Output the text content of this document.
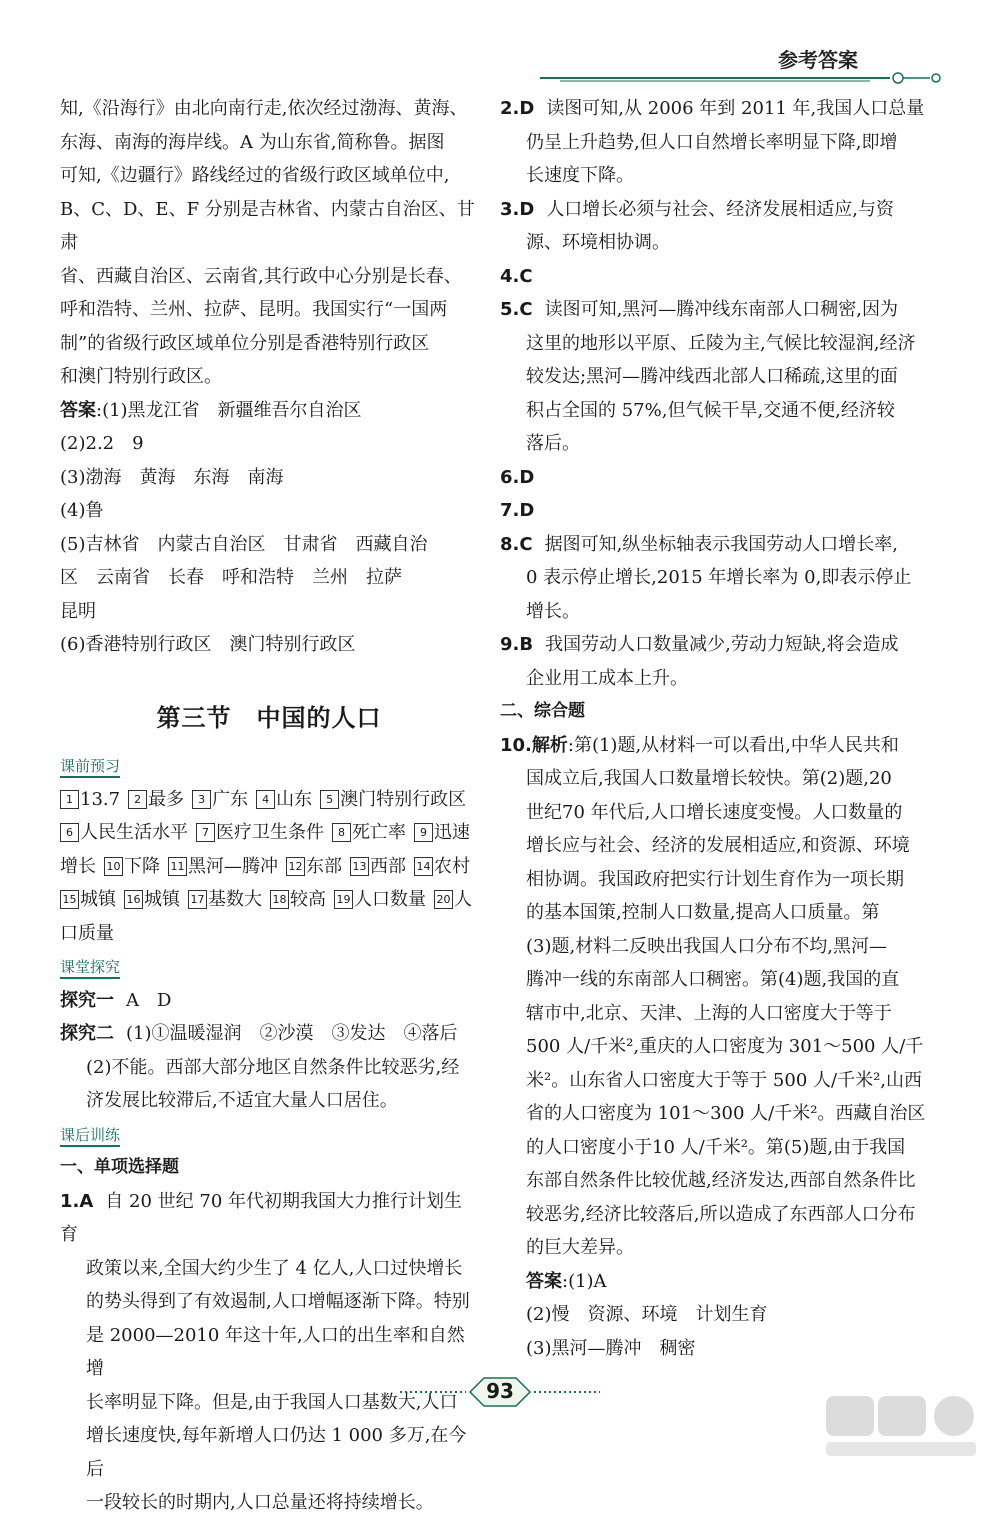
参考答案

知,《沿海行》由北向南行走,依次经过渤海、黄海、

东海、南海的海岸线。A 为山东省,简称鲁。据图

可知,《边疆行》路线经过的省级行政区域单位中,

B、C、D、E、F 分别是吉林省、内蒙古自治区、甘肃

省、西藏自治区、云南省,其行政中心分别是长春、

呼和浩特、兰州、拉萨、昆明。我国实行“一国两

制”的省级行政区域单位分别是香港特别行政区

和澳门特别行政区。

答案:(1)黑龙江省　新疆维吾尔自治区

(2)2.2　9

(3)渤海　黄海　东海　南海

(4)鲁

(5)吉林省　内蒙古自治区　甘肃省　西藏自治

区　云南省　长春　呼和浩特　兰州　拉萨

昆明

(6)香港特别行政区　澳门特别行政区

第三节　中国的人口

课前预习

1 13.7 2 最多 3 广东 4 山东 5 澳门特别行政区6 人民生活水平 7 医疗卫生条件 8 死亡率 9 迅速增长 10 下降 11 黑河—腾冲 12 东部 13 西部 14 农村15 城镇 16 城镇 17 基数大 18 较高 19 人口数量 20 人口质量

课堂探究

探究一 A　D

探究二 (1)①温暖湿润　②沙漠　③发达　④落后

(2)不能。西部大部分地区自然条件比较恶劣,经

济发展比较滞后,不适宜大量人口居住。

课后训练

一、单项选择题

1.A 自 20 世纪 70 年代初期我国大力推行计划生育

政策以来,全国大约少生了 4 亿人,人口过快增长

的势头得到了有效遏制,人口增幅逐渐下降。特别

是 2000—2010 年这十年,人口的出生率和自然增

长率明显下降。但是,由于我国人口基数大,人口

增长速度快,每年新增人口仍达 1 000 多万,在今后

一段较长的时期内,人口总量还将持续增长。

2.D 读图可知,从 2006 年到 2011 年,我国人口总量

仍呈上升趋势,但人口自然增长率明显下降,即增

长速度下降。

3.D 人口增长必须与社会、经济发展相适应,与资

源、环境相协调。

4.C

5.C 读图可知,黑河—腾冲线东南部人口稠密,因为

这里的地形以平原、丘陵为主,气候比较湿润,经济

较发达;黑河—腾冲线西北部人口稀疏,这里的面

积占全国的 57%,但气候干旱,交通不便,经济较

落后。

6.D

7.D

8.C 据图可知,纵坐标轴表示我国劳动人口增长率,

0 表示停止增长,2015 年增长率为 0,即表示停止

增长。

9.B 我国劳动人口数量减少,劳动力短缺,将会造成

企业用工成本上升。

二、综合题

10.解析:第(1)题,从材料一可以看出,中华人民共和

国成立后,我国人口数量增长较快。第(2)题,20

世纪70 年代后,人口增长速度变慢。人口数量的

增长应与社会、经济的发展相适应,和资源、环境

相协调。我国政府把实行计划生育作为一项长期

的基本国策,控制人口数量,提高人口质量。第

(3)题,材料二反映出我国人口分布不均,黑河—

腾冲一线的东南部人口稠密。第(4)题,我国的直

辖市中,北京、天津、上海的人口密度大于等于

500 人/千米²,重庆的人口密度为 301～500 人/千

米²。山东省人口密度大于等于 500 人/千米²,山西

省的人口密度为 101～300 人/千米²。西藏自治区

的人口密度小于10 人/千米²。第(5)题,由于我国

东部自然条件比较优越,经济发达,西部自然条件比

较恶劣,经济比较落后,所以造成了东西部人口分布

的巨大差异。

答案:(1)A

(2)慢　资源、环境　计划生育

(3)黑河—腾冲　稠密

93
